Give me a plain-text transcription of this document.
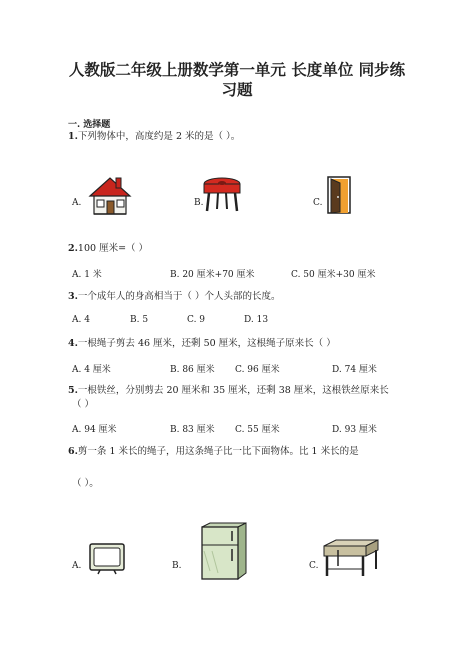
人教版二年级上册数学第一单元 长度单位 同步练
习题
一. 选择题
1.下列物体中，高度约是 2 米的是（ ）。
A.	B.	C.
2.100 厘米=（ ）
A. 1 米	B. 20 厘米+70 厘米	C. 50 厘米+30 厘米
3.一个成年人的身高相当于（ ）个人头部的长度。
A. 4	B. 5	C. 9	D. 13
4.一根绳子剪去 46 厘米，还剩 50 厘米，这根绳子原来长（ ）
A. 4 厘米	B. 86 厘米 C. 96 厘米	D. 74 厘米
5.一根铁丝，分别剪去 20 厘米和 35 厘米，还剩 38 厘米，这根铁丝原来长
（ ）
A. 94 厘米	B. 83 厘米 C. 55 厘米	D. 93 厘米
6.剪一条 1 米长的绳子，用这条绳子比一比下面物体。比 1 米长的是
（ ）。
A.	B.	C.
